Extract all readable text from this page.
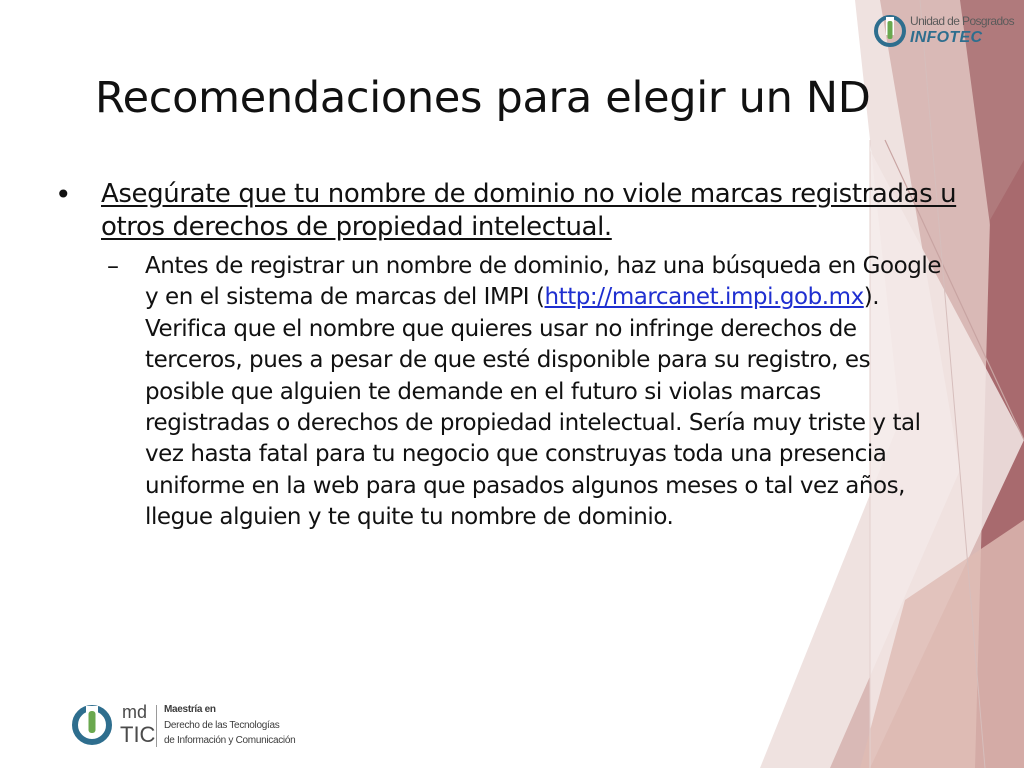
Unidad de Posgrados
INFOTEC
Recomendaciones para elegir un ND
•	Asegúrate que tu nombre de dominio no viole marcas registradas u otros derechos de propiedad intelectual.
–	Antes de registrar un nombre de dominio, haz una búsqueda en Google y en el sistema de marcas del IMPI (http://marcanet.impi.gob.mx). Verifica que el nombre que quieres usar no infringe derechos de terceros, pues a pesar de que esté disponible para su registro, es posible que alguien te demande en el futuro si violas marcas registradas o derechos de propiedad intelectual. Sería muy triste y tal vez hasta fatal para tu negocio que construyas toda una presencia uniforme en la web para que pasados algunos meses o tal vez años, llegue alguien y te quite tu nombre de dominio.
md
TIC
Maestría en
Derecho de las Tecnologías
de Información y Comunicación
